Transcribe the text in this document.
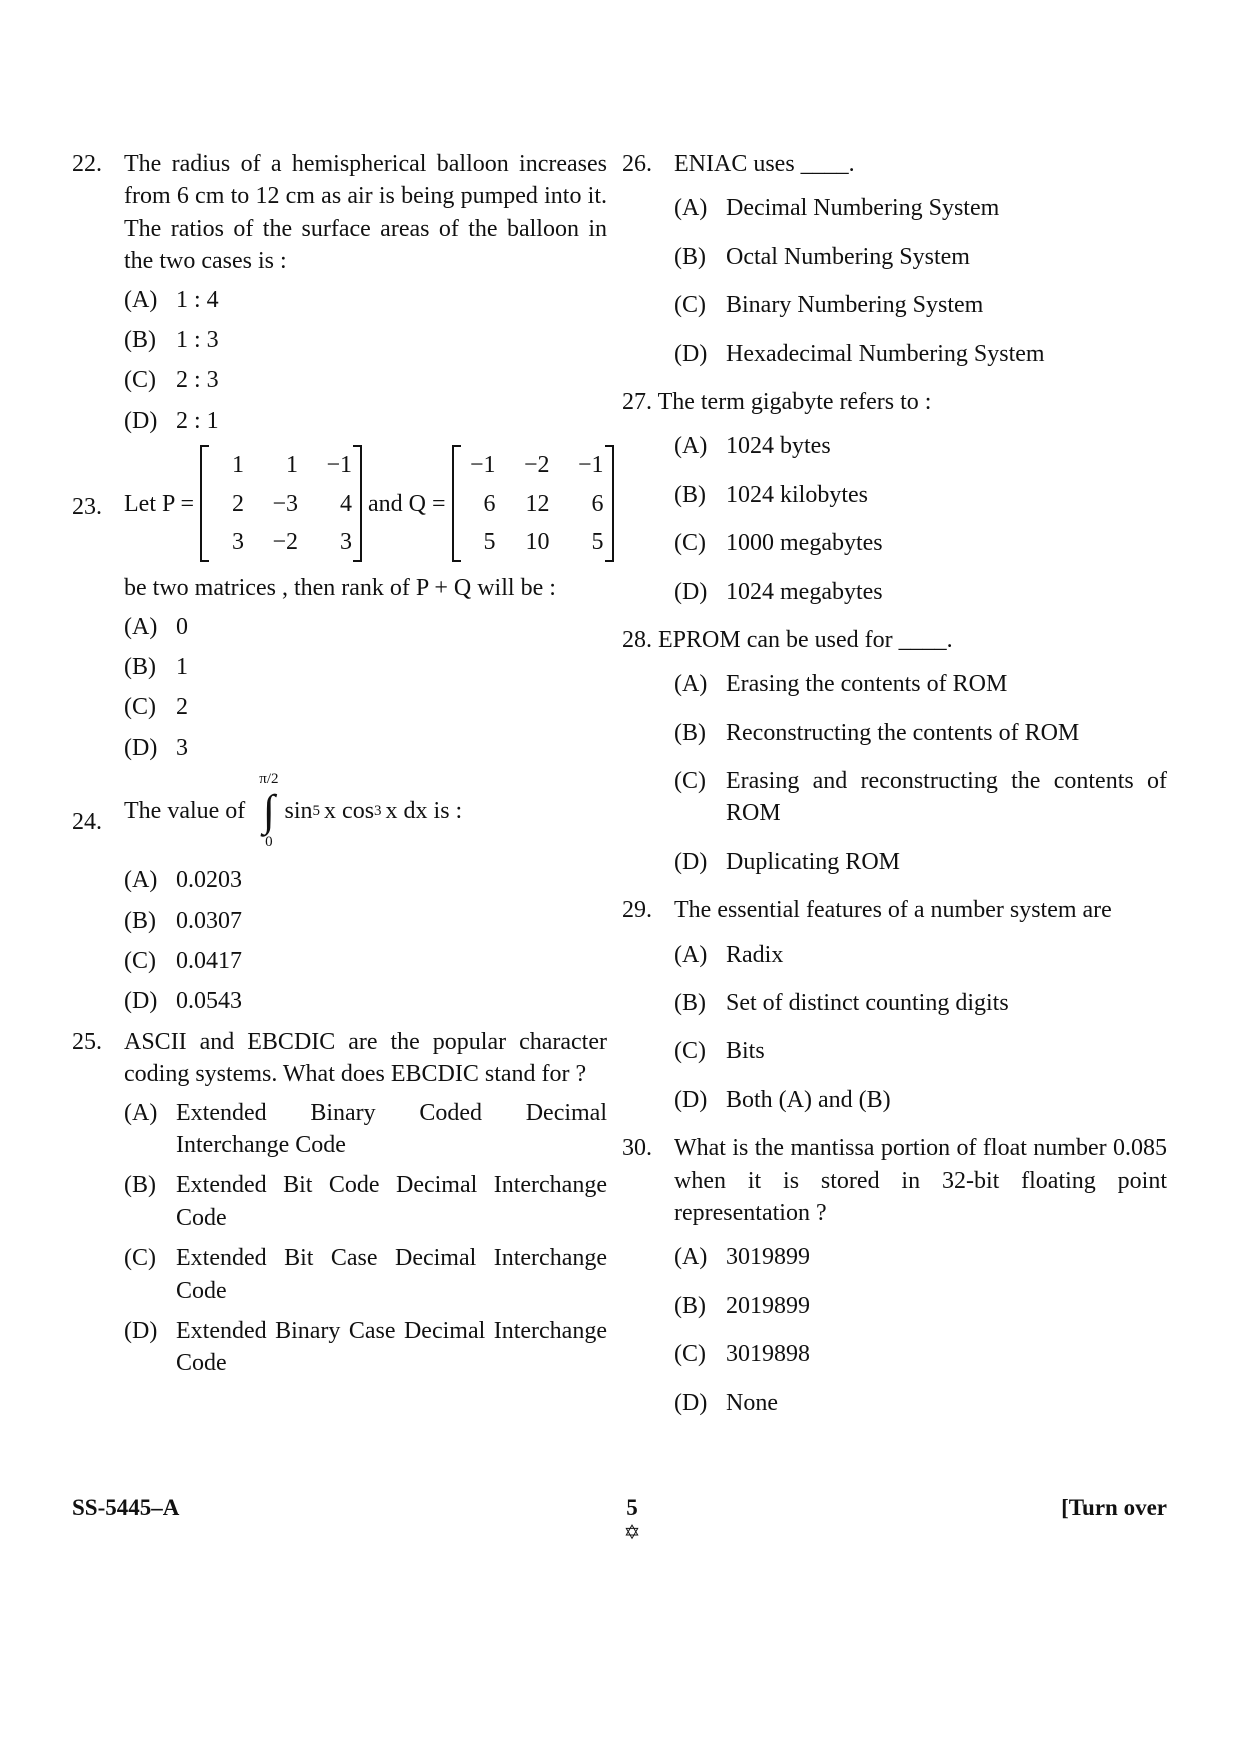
22. The radius of a hemispherical balloon increases from 6 cm to 12 cm as air is being pumped into it. The ratios of the surface areas of the balloon in the two cases is :
(A) 1 : 4
(B) 1 : 3
(C) 2 : 3
(D) 2 : 1
23. Let P =
1	1	−1
2	−3	4
3	−2	3
and Q =
−1	−2	−1
6	12	6
5	10	5
be two matrices , then rank of P + Q will be :
(A) 0
(B) 1
(C) 2
(D) 3
24. The value of
π/2
∫
0
sin 5 x cos 3 x dx is :
(A) 0.0203
(B) 0.0307
(C) 0.0417
(D) 0.0543
25. ASCII and EBCDIC are the popular character coding systems. What does EBCDIC stand for ?
(A) Extended Binary Coded Decimal Interchange Code
(B) Extended Bit Code Decimal Interchange Code
(C) Extended Bit Case Decimal Interchange Code
(D) Extended Binary Case Decimal Interchange Code
26. ENIAC uses ____.
(A) Decimal Numbering System
(B) Octal Numbering System
(C) Binary Numbering System
(D) Hexadecimal Numbering System
27. The term gigabyte refers to :
(A) 1024 bytes
(B) 1024 kilobytes
(C) 1000 megabytes
(D) 1024 megabytes
28. EPROM can be used for ____.
(A) Erasing the contents of ROM
(B) Reconstructing the contents of ROM
(C) Erasing and reconstructing the contents of ROM
(D) Duplicating ROM
29. The essential features of a number system are
(A) Radix
(B) Set of distinct counting digits
(C) Bits
(D) Both (A) and (B)
30. What is the mantissa portion of float number 0.085 when it is stored in 32-bit floating point representation ?
(A) 3019899
(B) 2019899
(C) 3019898
(D) None
SS-5445–A	5
✡
[Turn over
